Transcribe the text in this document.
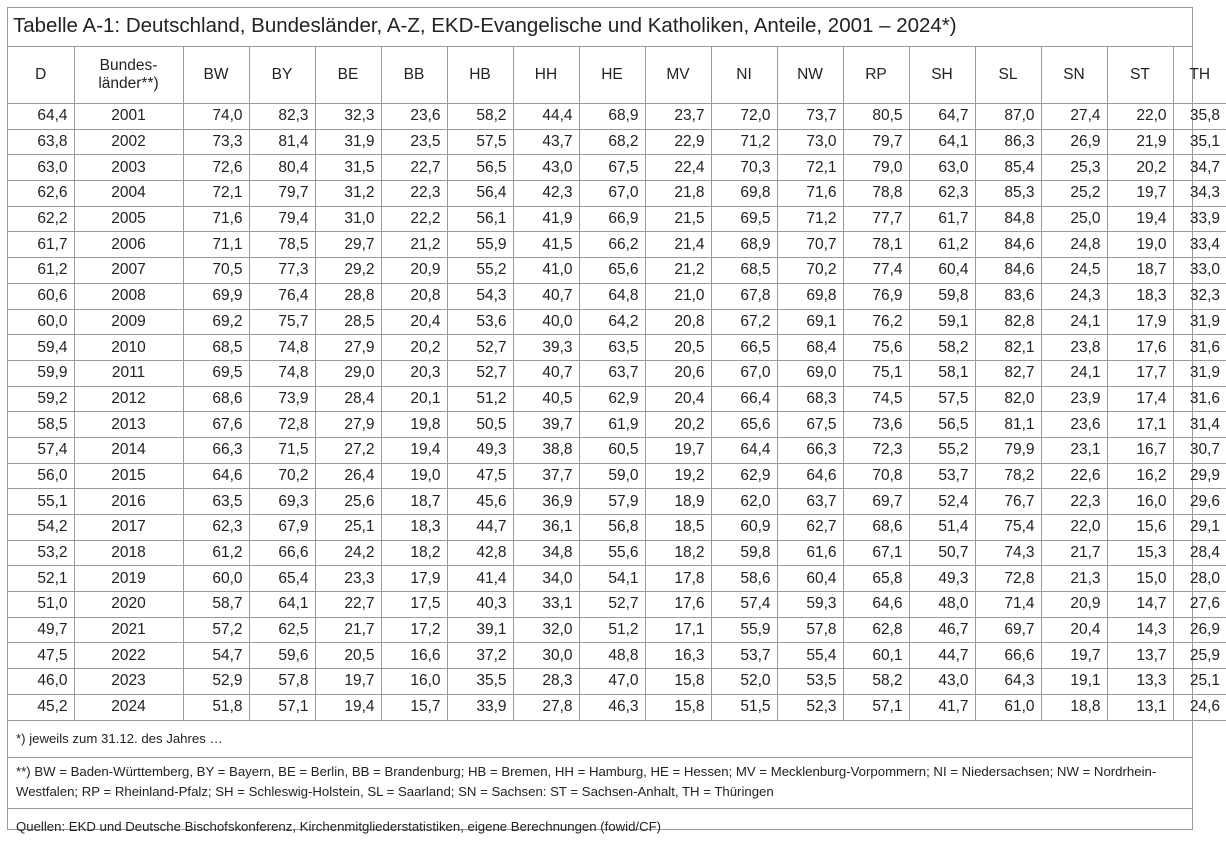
Tabelle A-1: Deutschland, Bundesländer, A-Z, EKD-Evangelische und Katholiken, Anteile, 2001 – 2024*)
D	Bundes-länder**)	BW	BY	BE	BB	HB	HH	HE	MV	NI	NW	RP	SH	SL	SN	ST	TH
64,4	2001	74,0	82,3	32,3	23,6	58,2	44,4	68,9	23,7	72,0	73,7	80,5	64,7	87,0	27,4	22,0	35,8
63,8	2002	73,3	81,4	31,9	23,5	57,5	43,7	68,2	22,9	71,2	73,0	79,7	64,1	86,3	26,9	21,9	35,1
63,0	2003	72,6	80,4	31,5	22,7	56,5	43,0	67,5	22,4	70,3	72,1	79,0	63,0	85,4	25,3	20,2	34,7
62,6	2004	72,1	79,7	31,2	22,3	56,4	42,3	67,0	21,8	69,8	71,6	78,8	62,3	85,3	25,2	19,7	34,3
62,2	2005	71,6	79,4	31,0	22,2	56,1	41,9	66,9	21,5	69,5	71,2	77,7	61,7	84,8	25,0	19,4	33,9
61,7	2006	71,1	78,5	29,7	21,2	55,9	41,5	66,2	21,4	68,9	70,7	78,1	61,2	84,6	24,8	19,0	33,4
61,2	2007	70,5	77,3	29,2	20,9	55,2	41,0	65,6	21,2	68,5	70,2	77,4	60,4	84,6	24,5	18,7	33,0
60,6	2008	69,9	76,4	28,8	20,8	54,3	40,7	64,8	21,0	67,8	69,8	76,9	59,8	83,6	24,3	18,3	32,3
60,0	2009	69,2	75,7	28,5	20,4	53,6	40,0	64,2	20,8	67,2	69,1	76,2	59,1	82,8	24,1	17,9	31,9
59,4	2010	68,5	74,8	27,9	20,2	52,7	39,3	63,5	20,5	66,5	68,4	75,6	58,2	82,1	23,8	17,6	31,6
59,9	2011	69,5	74,8	29,0	20,3	52,7	40,7	63,7	20,6	67,0	69,0	75,1	58,1	82,7	24,1	17,7	31,9
59,2	2012	68,6	73,9	28,4	20,1	51,2	40,5	62,9	20,4	66,4	68,3	74,5	57,5	82,0	23,9	17,4	31,6
58,5	2013	67,6	72,8	27,9	19,8	50,5	39,7	61,9	20,2	65,6	67,5	73,6	56,5	81,1	23,6	17,1	31,4
57,4	2014	66,3	71,5	27,2	19,4	49,3	38,8	60,5	19,7	64,4	66,3	72,3	55,2	79,9	23,1	16,7	30,7
56,0	2015	64,6	70,2	26,4	19,0	47,5	37,7	59,0	19,2	62,9	64,6	70,8	53,7	78,2	22,6	16,2	29,9
55,1	2016	63,5	69,3	25,6	18,7	45,6	36,9	57,9	18,9	62,0	63,7	69,7	52,4	76,7	22,3	16,0	29,6
54,2	2017	62,3	67,9	25,1	18,3	44,7	36,1	56,8	18,5	60,9	62,7	68,6	51,4	75,4	22,0	15,6	29,1
53,2	2018	61,2	66,6	24,2	18,2	42,8	34,8	55,6	18,2	59,8	61,6	67,1	50,7	74,3	21,7	15,3	28,4
52,1	2019	60,0	65,4	23,3	17,9	41,4	34,0	54,1	17,8	58,6	60,4	65,8	49,3	72,8	21,3	15,0	28,0
51,0	2020	58,7	64,1	22,7	17,5	40,3	33,1	52,7	17,6	57,4	59,3	64,6	48,0	71,4	20,9	14,7	27,6
49,7	2021	57,2	62,5	21,7	17,2	39,1	32,0	51,2	17,1	55,9	57,8	62,8	46,7	69,7	20,4	14,3	26,9
47,5	2022	54,7	59,6	20,5	16,6	37,2	30,0	48,8	16,3	53,7	55,4	60,1	44,7	66,6	19,7	13,7	25,9
46,0	2023	52,9	57,8	19,7	16,0	35,5	28,3	47,0	15,8	52,0	53,5	58,2	43,0	64,3	19,1	13,3	25,1
45,2	2024	51,8	57,1	19,4	15,7	33,9	27,8	46,3	15,8	51,5	52,3	57,1	41,7	61,0	18,8	13,1	24,6
*) jeweils zum 31.12. des Jahres …
**) BW = Baden-Württemberg, BY = Bayern, BE = Berlin, BB = Brandenburg; HB = Bremen, HH = Hamburg, HE = Hessen; MV = Mecklenburg-Vorpommern; NI = Niedersachsen; NW = Nordrhein-Westfalen; RP = Rheinland-Pfalz; SH = Schleswig-Holstein, SL = Saarland; SN = Sachsen: ST = Sachsen-Anhalt, TH = Thüringen
Quellen: EKD und Deutsche Bischofskonferenz, Kirchenmitgliederstatistiken, eigene Berechnungen (fowid/CF)
